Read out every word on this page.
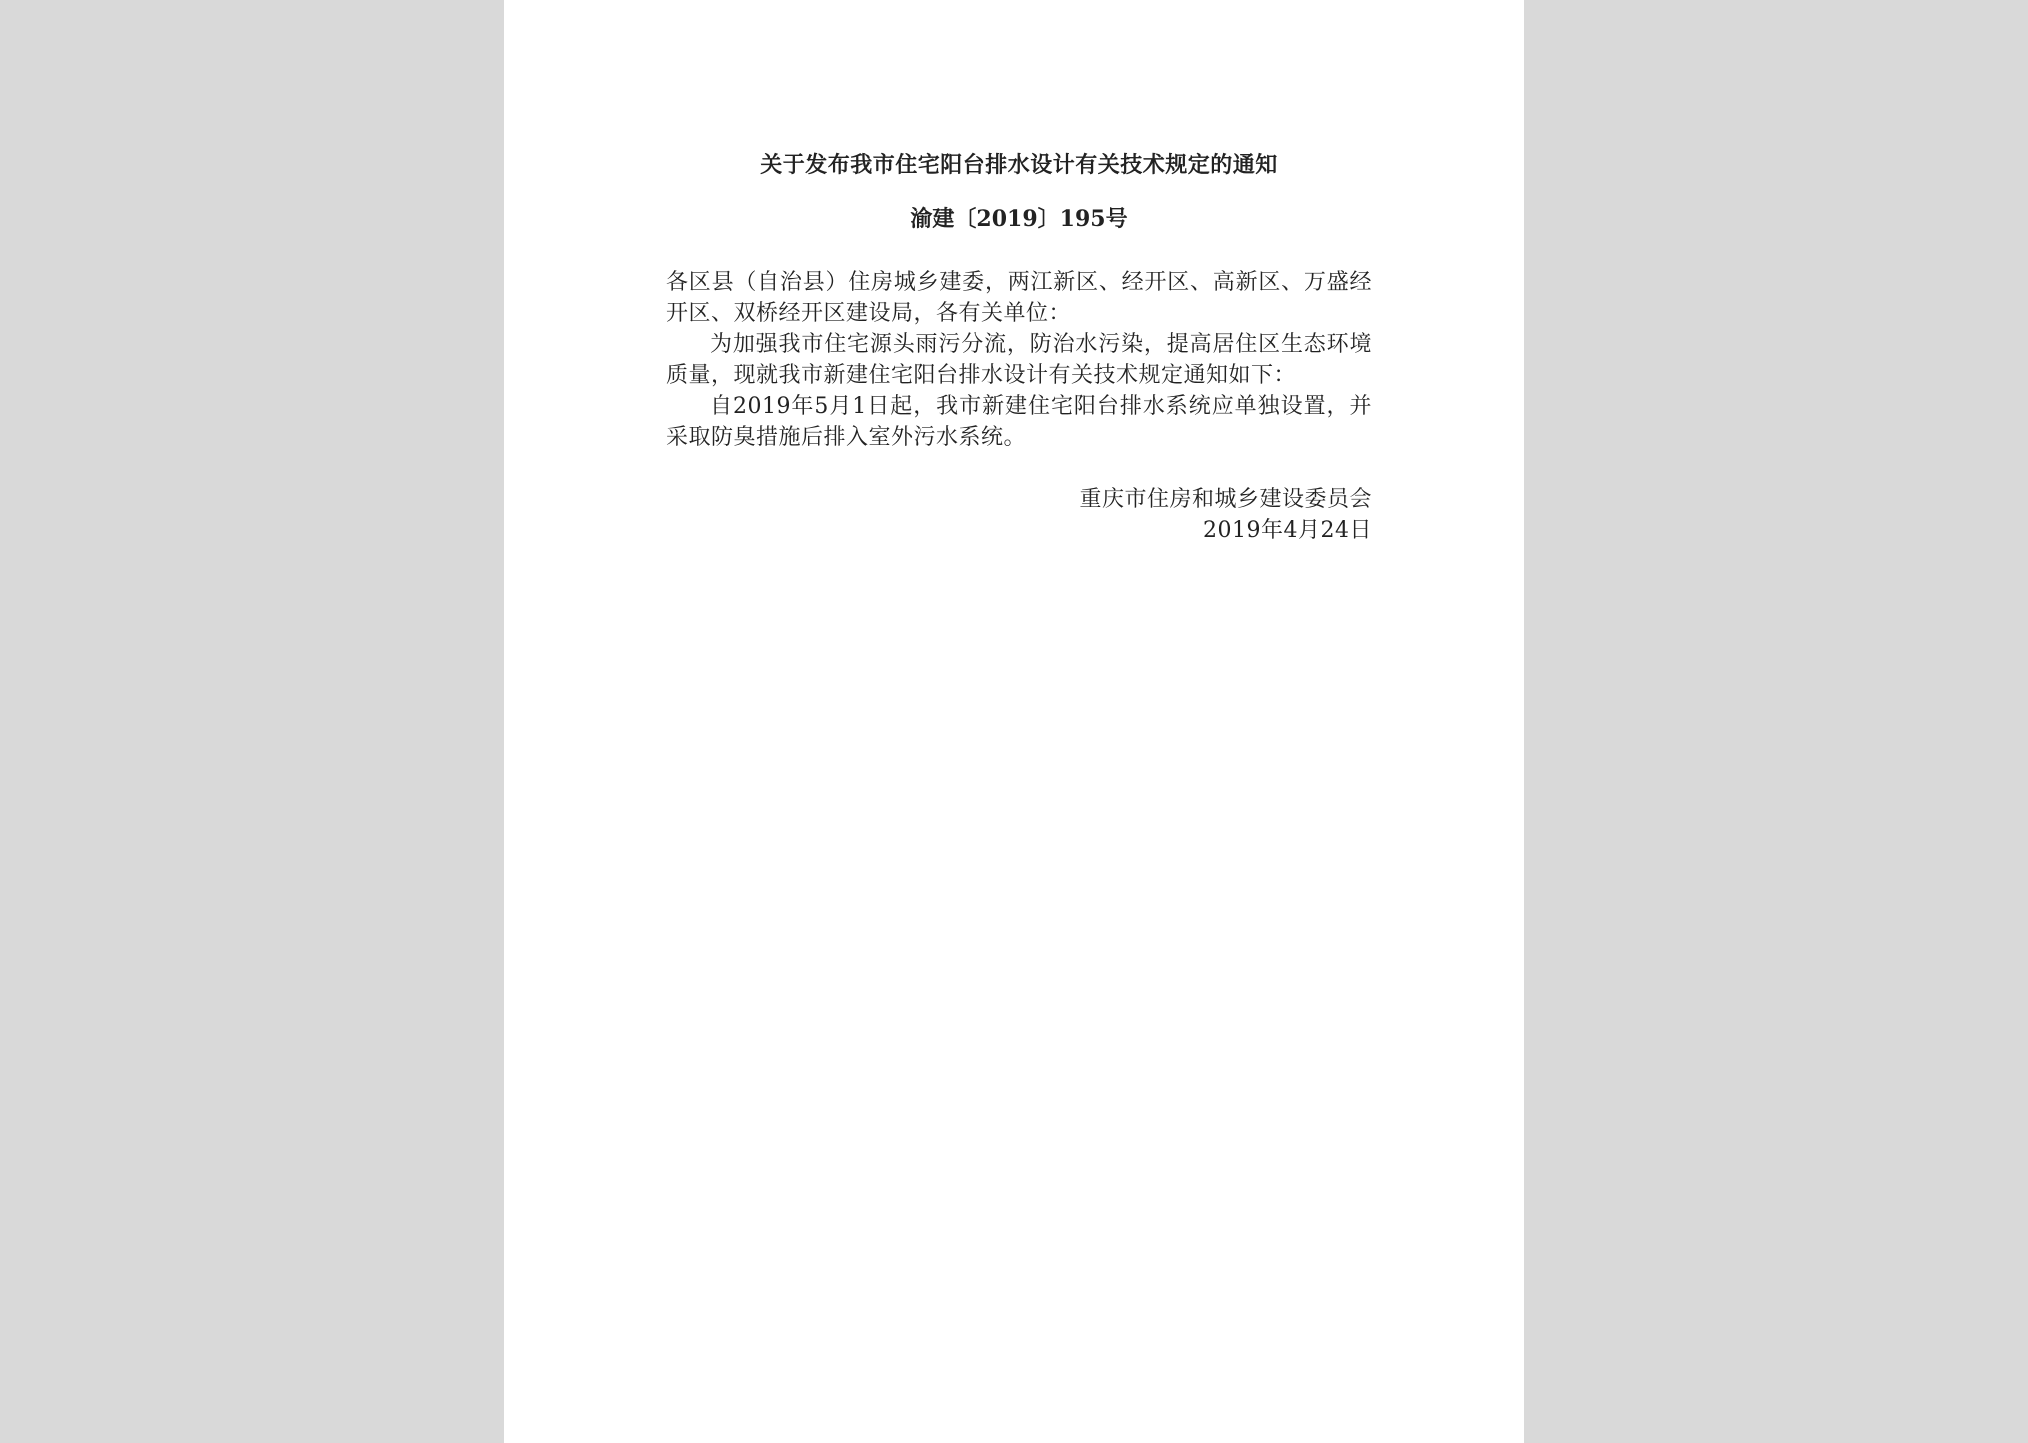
关于发布我市住宅阳台排水设计有关技术规定的通知
渝建〔2019〕195号

各区县（自治县）住房城乡建委，两江新区、经开区、高新区、万盛经开区、双桥经开区建设局，各有关单位：

为加强我市住宅源头雨污分流，防治水污染，提高居住区生态环境质量，现就我市新建住宅阳台排水设计有关技术规定通知如下：

自2019年5月1日起，我市新建住宅阳台排水系统应单独设置，并采取防臭措施后排入室外污水系统。

重庆市住房和城乡建设委员会
2019年4月24日
